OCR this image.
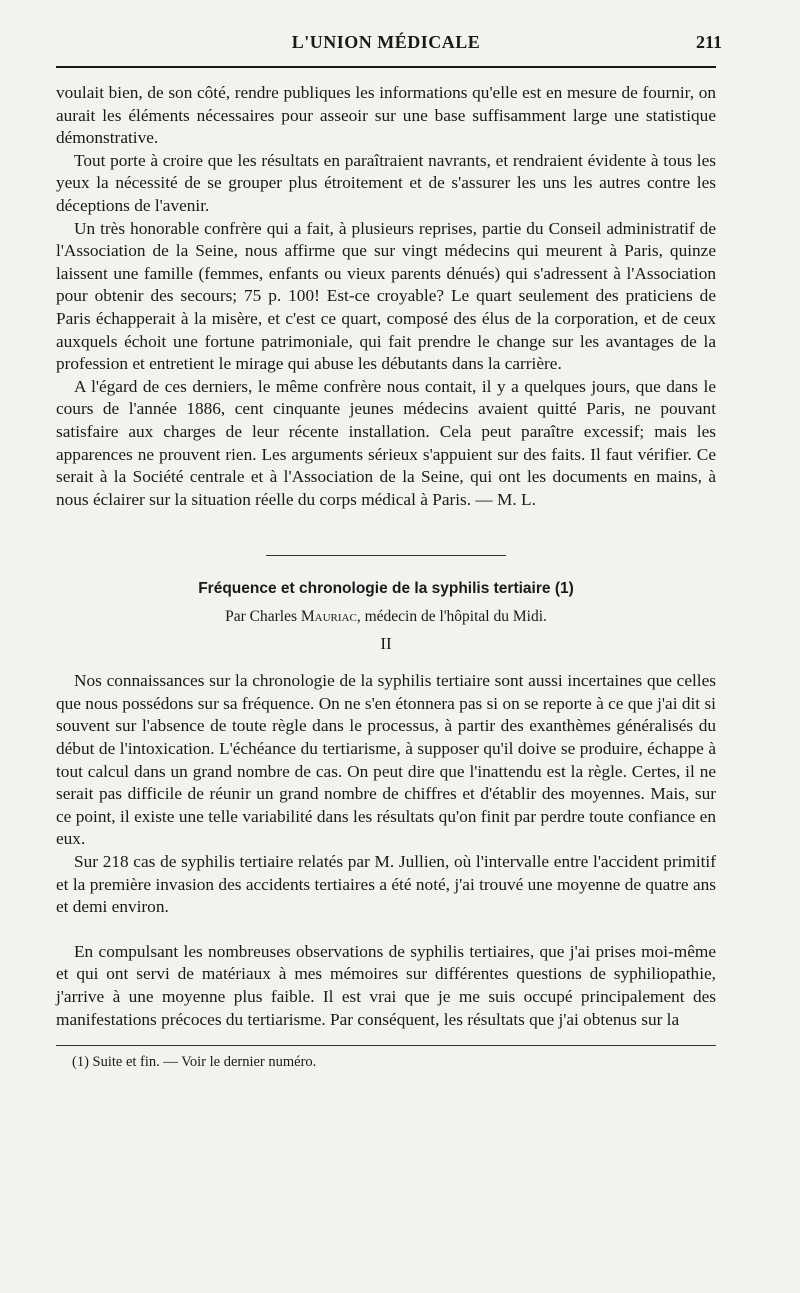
L'UNION MÉDICALE	211

voulait bien, de son côté, rendre publiques les informations qu'elle est en mesure de fournir, on aurait les éléments nécessaires pour asseoir sur une base suffisamment large une statistique démonstrative.

Tout porte à croire que les résultats en paraîtraient navrants, et rendraient évidente à tous les yeux la nécessité de se grouper plus étroitement et de s'assurer les uns les autres contre les déceptions de l'avenir.

Un très honorable confrère qui a fait, à plusieurs reprises, partie du Conseil administratif de l'Association de la Seine, nous affirme que sur vingt médecins qui meurent à Paris, quinze laissent une famille (femmes, enfants ou vieux parents dénués) qui s'adressent à l'Association pour obtenir des secours; 75 p. 100! Est-ce croyable? Le quart seulement des praticiens de Paris échapperait à la misère, et c'est ce quart, composé des élus de la corporation, et de ceux auxquels échoit une fortune patrimoniale, qui fait prendre le change sur les avantages de la profession et entretient le mirage qui abuse les débutants dans la carrière.

A l'égard de ces derniers, le même confrère nous contait, il y a quelques jours, que dans le cours de l'année 1886, cent cinquante jeunes médecins avaient quitté Paris, ne pouvant satisfaire aux charges de leur récente installation. Cela peut paraître excessif; mais les apparences ne prouvent rien. Les arguments sérieux s'appuient sur des faits. Il faut vérifier. Ce serait à la Société centrale et à l'Association de la Seine, qui ont les documents en mains, à nous éclairer sur la situation réelle du corps médical à Paris. — M. L.

Fréquence et chronologie de la syphilis tertiaire (1)
Par Charles Mauriac, médecin de l'hôpital du Midi.
II

Nos connaissances sur la chronologie de la syphilis tertiaire sont aussi incertaines que celles que nous possédons sur sa fréquence. On ne s'en étonnera pas si on se reporte à ce que j'ai dit si souvent sur l'absence de toute règle dans le processus, à partir des exanthèmes généralisés du début de l'intoxication. L'échéance du tertiarisme, à supposer qu'il doive se produire, échappe à tout calcul dans un grand nombre de cas. On peut dire que l'inattendu est la règle. Certes, il ne serait pas difficile de réunir un grand nombre de chiffres et d'établir des moyennes. Mais, sur ce point, il existe une telle variabilité dans les résultats qu'on finit par perdre toute confiance en eux.

Sur 218 cas de syphilis tertiaire relatés par M. Jullien, où l'intervalle entre l'accident primitif et la première invasion des accidents tertiaires a été noté, j'ai trouvé une moyenne de quatre ans et demi environ.

En compulsant les nombreuses observations de syphilis tertiaires, que j'ai prises moi-même et qui ont servi de matériaux à mes mémoires sur différentes questions de syphiliopathie, j'arrive à une moyenne plus faible. Il est vrai que je me suis occupé principalement des manifestations précoces du tertiarisme. Par conséquent, les résultats que j'ai obtenus sur la

(1) Suite et fin. — Voir le dernier numéro.
